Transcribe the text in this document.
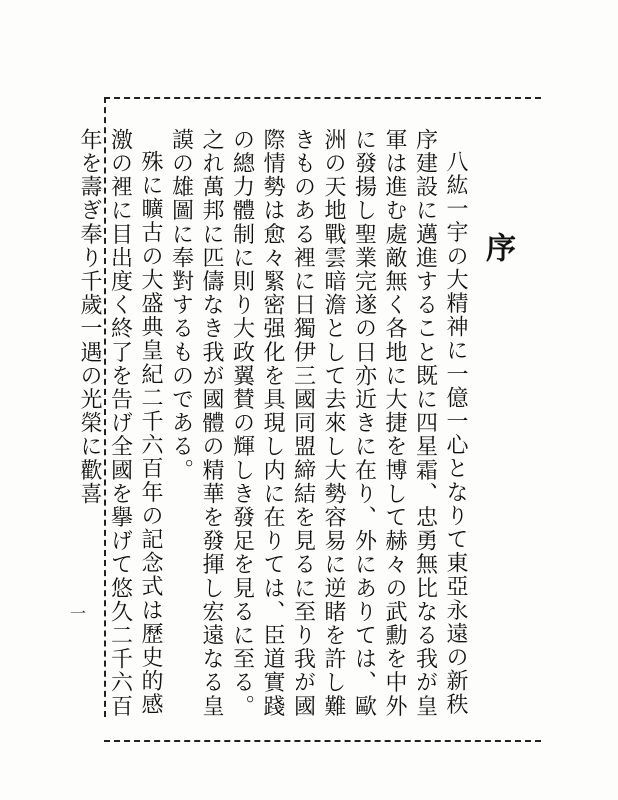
序

八紘一宇の大精神に一億一心となりて東亞永遠の新秩序建設に邁進すること既に四星霜、忠勇無比なる我が皇軍は進む處敵無く各地に大捷を博して赫々の武勳を中外に發揚し聖業完遂の日亦近きに在り、外にありては、歐洲の天地戰雲暗澹として去來し大勢容易に逆睹を許し難きものある裡に日獨伊三國同盟締結を見るに至り我が國際情勢は愈々緊密强化を具現し内に在りては、臣道實踐の總力體制に則り大政翼賛の輝しき發足を見るに至る。之れ萬邦に匹儔なき我が國體の精華を發揮し宏遠なる皇謨の雄圖に奉對するものである。

殊に曠古の大盛典皇紀二千六百年の記念式は歷史的感激の裡に目出度く終了を告げ全國を擧げて悠久二千六百年を壽ぎ奉り千歲一遇の光榮に歡喜

一
